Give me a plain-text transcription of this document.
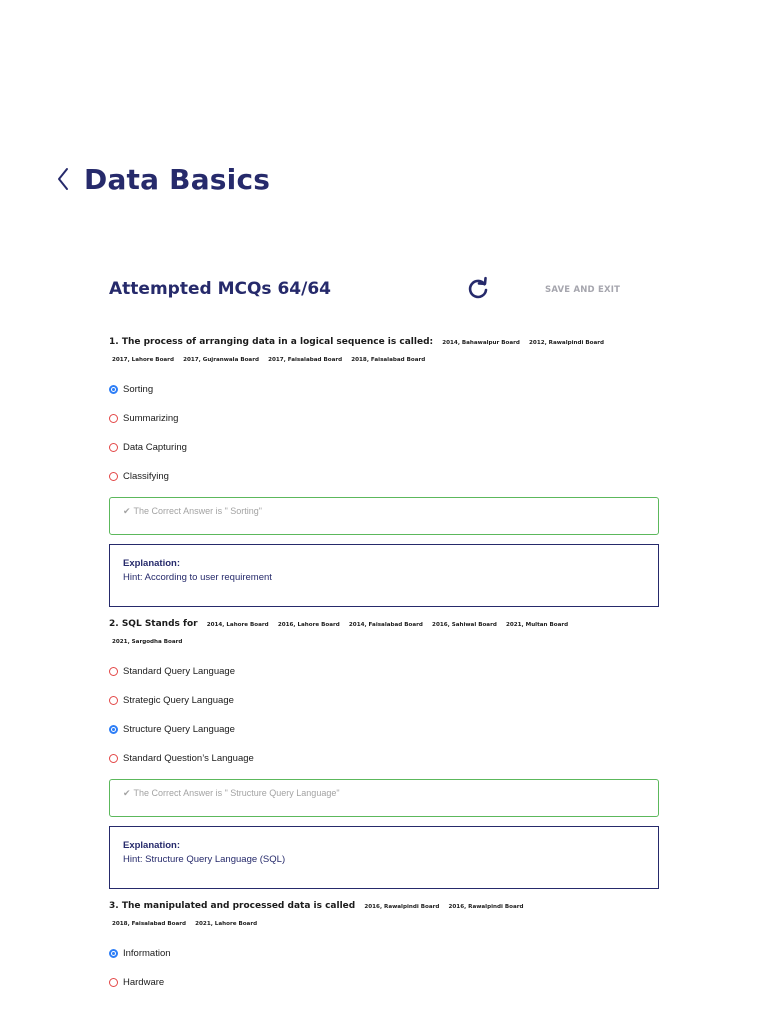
Data Basics
Attempted MCQs 64/64	SAVE AND EXIT

1. The process of arranging data in a logical sequence is called: 2014, Bahawalpur Board 2012, Rawalpindi Board

2017, Lahore Board 2017, Gujranwala Board 2017, Faisalabad Board 2018, Faisalabad Board

Sorting
Summarizing
Data Capturing
Classifying
✔ The Correct Answer is " Sorting"
Explanation:
Hint: According to user requirement

2. SQL Stands for 2014, Lahore Board 2016, Lahore Board 2014, Faisalabad Board 2016, Sahiwal Board 2021, Multan Board

2021, Sargodha Board

Standard Query Language
Strategic Query Language
Structure Query Language
Standard Question’s Language
✔ The Correct Answer is " Structure Query Language"
Explanation:
Hint: Structure Query Language (SQL)

3. The manipulated and processed data is called 2016, Rawalpindi Board 2016, Rawalpindi Board

2018, Faisalabad Board 2021, Lahore Board

Information
Hardware
